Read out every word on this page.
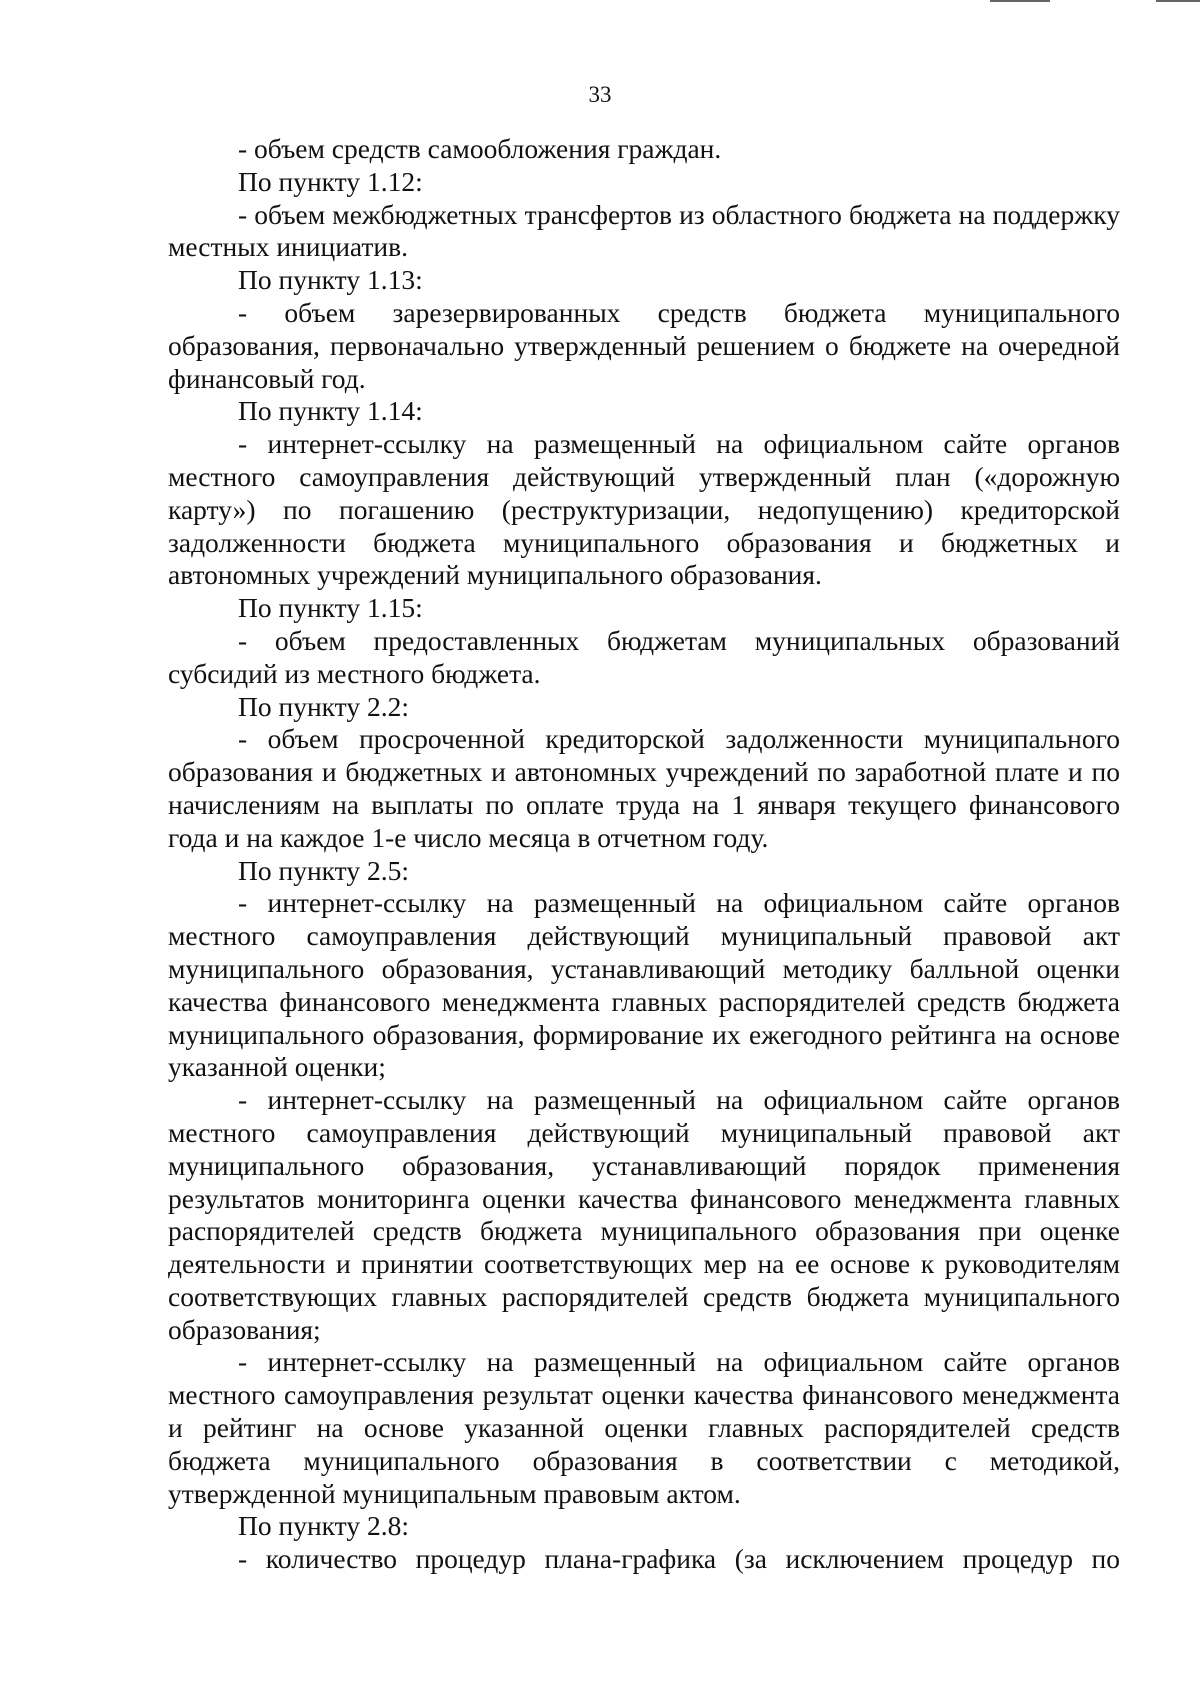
33

- объем средств самообложения граждан.

По пункту 1.12:

- объем межбюджетных трансфертов из областного бюджета на поддержку местных инициатив.

По пункту 1.13:

- объем зарезервированных средств бюджета муниципального образования, первоначально утвержденный решением о бюджете на очередной финансовый год.

По пункту 1.14:

- интернет-ссылку на размещенный на официальном сайте органов местного самоуправления действующий утвержденный план («дорожную карту») по погашению (реструктуризации, недопущению) кредиторской задолженности бюджета муниципального образования и бюджетных и автономных учреждений муниципального образования.

По пункту 1.15:

- объем предоставленных бюджетам муниципальных образований субсидий из местного бюджета.

По пункту 2.2:

- объем просроченной кредиторской задолженности муниципального образования и бюджетных и автономных учреждений по заработной плате и по начислениям на выплаты по оплате труда на 1 января текущего финансового года и на каждое 1-е число месяца в отчетном году.

По пункту 2.5:

- интернет-ссылку на размещенный на официальном сайте органов местного самоуправления действующий муниципальный правовой акт муниципального образования, устанавливающий методику балльной оценки качества финансового менеджмента главных распорядителей средств бюджета муниципального образования, формирование их ежегодного рейтинга на основе указанной оценки;

- интернет-ссылку на размещенный на официальном сайте органов местного самоуправления действующий муниципальный правовой акт муниципального образования, устанавливающий порядок применения результатов мониторинга оценки качества финансового менеджмента главных распорядителей средств бюджета муниципального образования при оценке деятельности и принятии соответствующих мер на ее основе к руководителям соответствующих главных распорядителей средств бюджета муниципального образования;

- интернет-ссылку на размещенный на официальном сайте органов местного самоуправления результат оценки качества финансового менеджмента и рейтинг на основе указанной оценки главных распорядителей средств бюджета муниципального образования в соответствии с методикой, утвержденной муниципальным правовым актом.

По пункту 2.8:

- количество процедур плана-графика (за исключением процедур по
